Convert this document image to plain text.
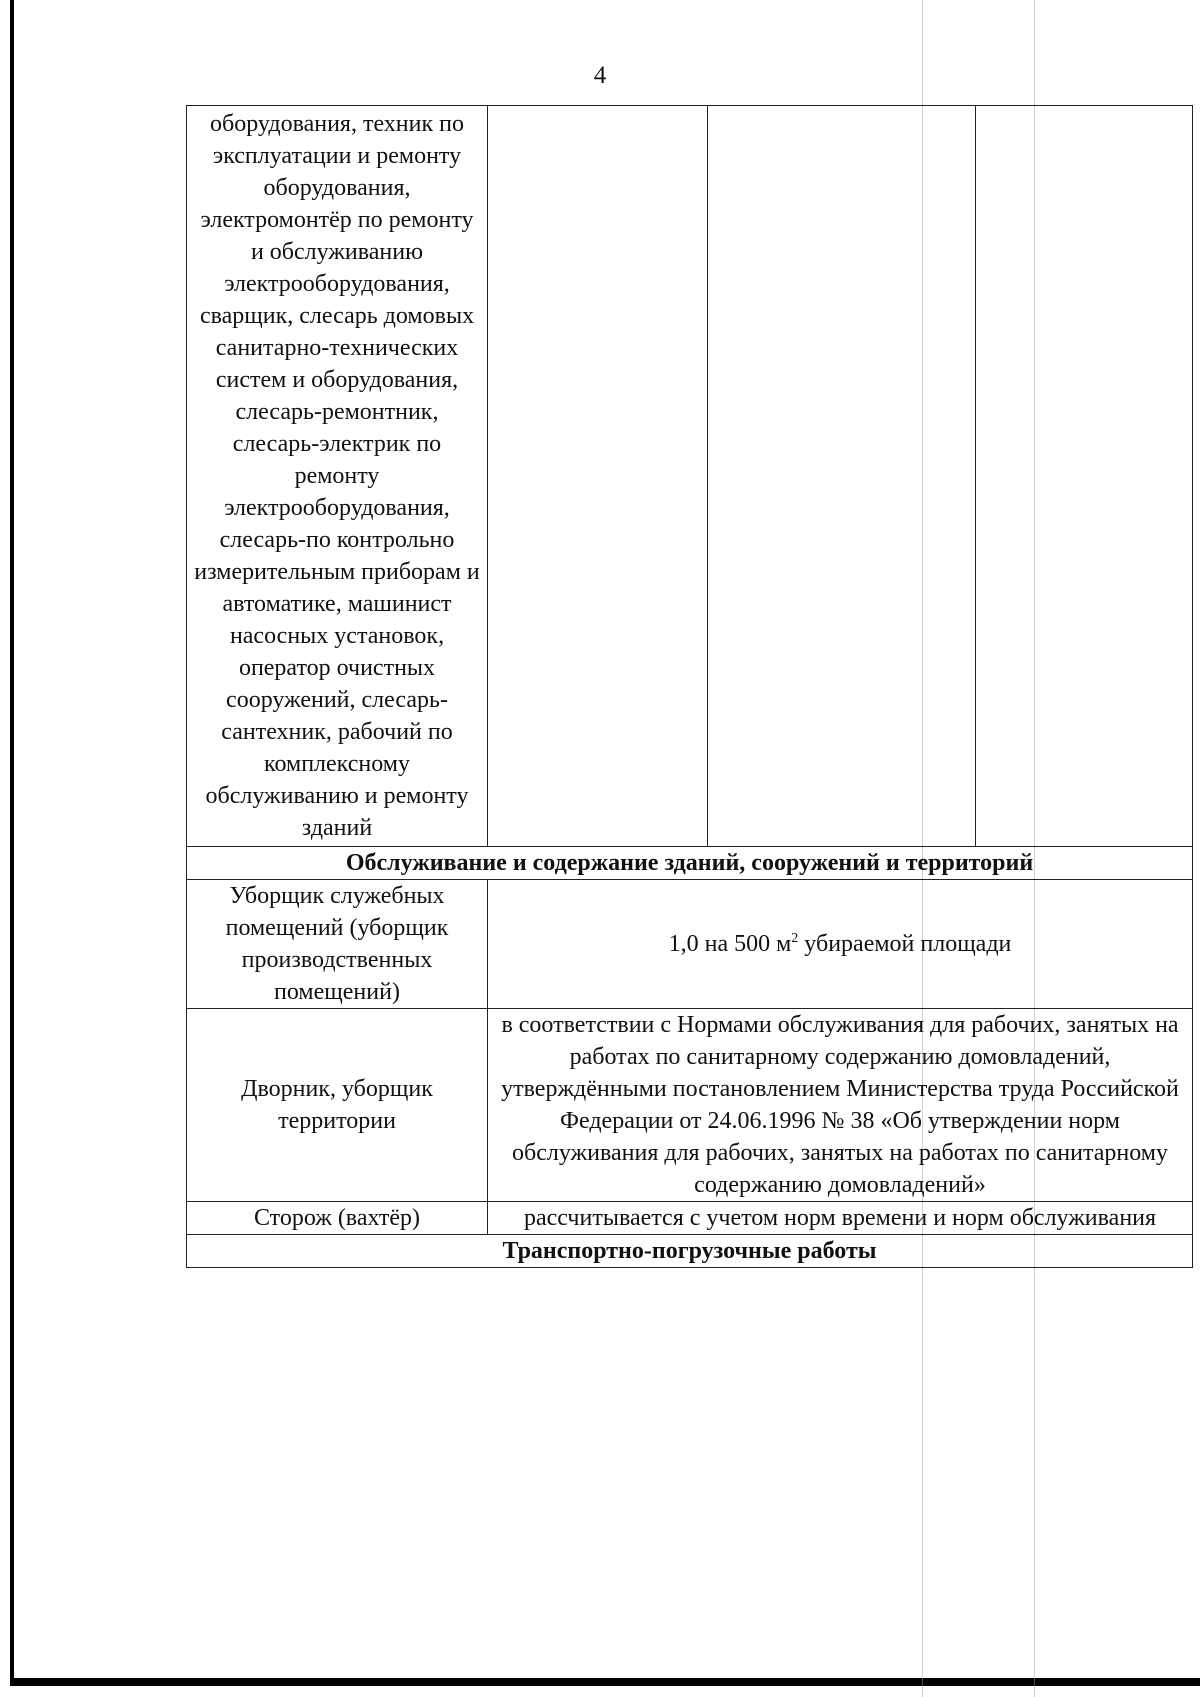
4
оборудования, техник по эксплуатации и ремонту оборудования, электромонтёр по ремонту и обслуживанию электрооборудования, сварщик, слесарь домовых санитарно-технических систем и оборудования, слесарь-ремонтник, слесарь-электрик по ремонту электрооборудования, слесарь-по контрольно измерительным приборам и автоматике, машинист насосных установок, оператор очистных сооружений, слесарь-сантехник, рабочий по комплексному обслуживанию и ремонту зданий			
Обслуживание и содержание зданий, сооружений и территорий			
Уборщик служебных помещений (уборщик производственных помещений)	1,0 на 500 $м^2$ убираемой площади		
Дворник, уборщик территории	в соответствии с Нормами обслуживания для рабочих, занятых на работах по санитарному содержанию домовладений, утверждёнными постановлением Министерства труда Российской Федерации от 24.06.1996 № 38 «Об утверждении норм обслуживания для рабочих, занятых на работах по санитарному содержанию домовладений»		
Сторож (вахтёр)	рассчитывается с учетом норм времени и норм обслуживания		
Транспортно-погрузочные работы			
